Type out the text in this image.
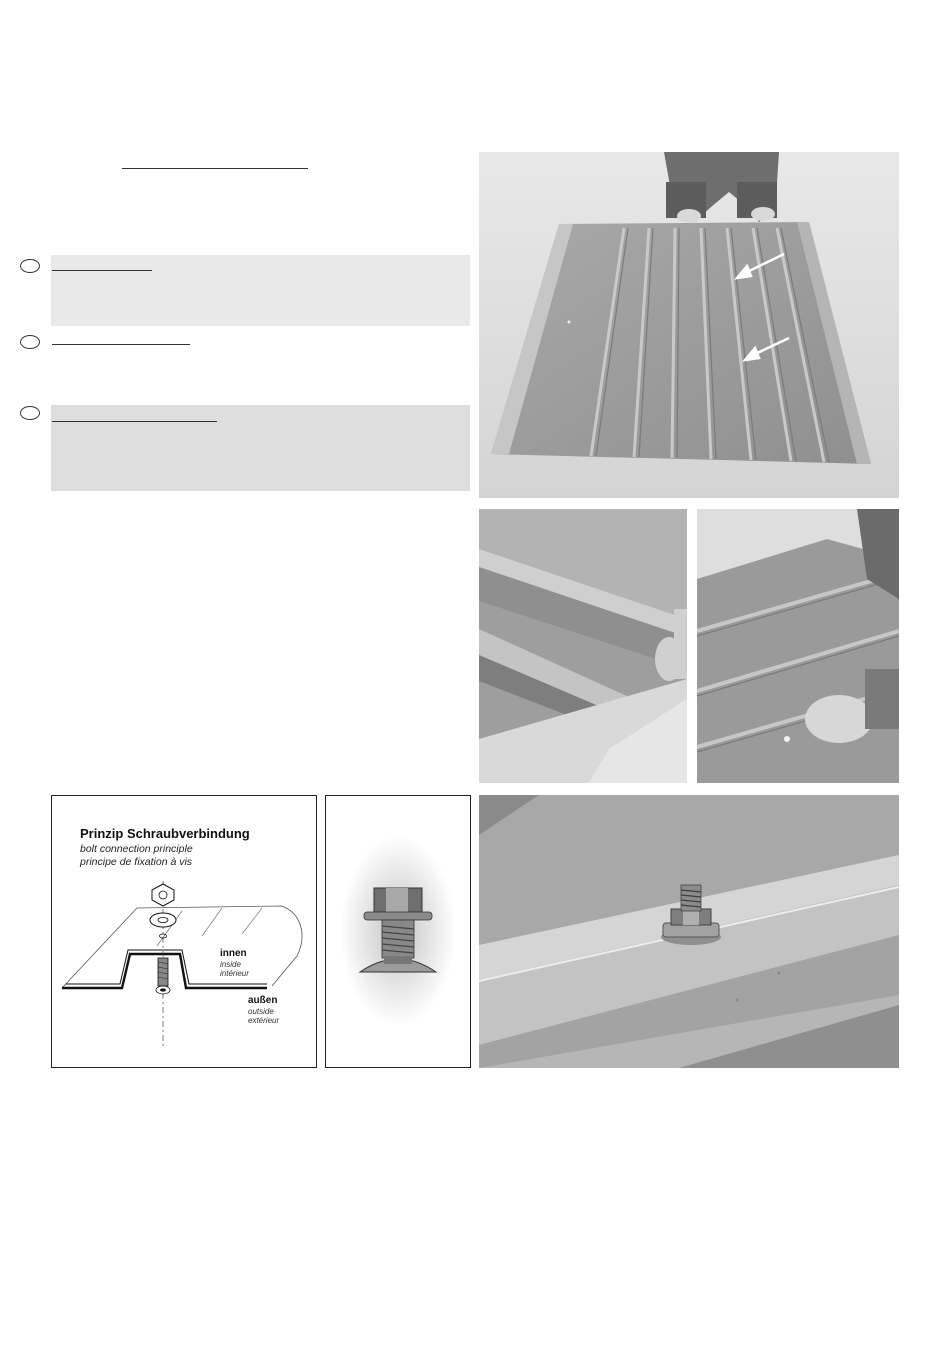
Prinzip Schraubverbindung
bolt connection principle
principe de fixation à vis
innen
inside
intérieur
außen
outside
extérieur
